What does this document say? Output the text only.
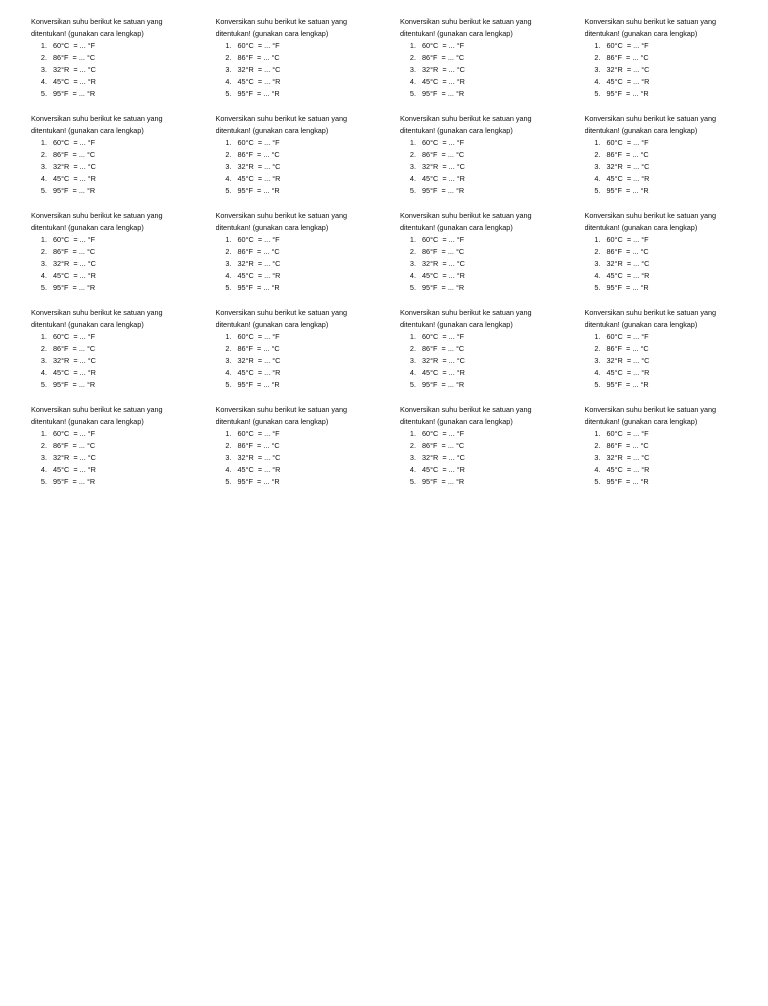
Konversikan suhu berikut ke satuan yang
ditentukan! (gunakan cara lengkap)

1. 60°C  = ... °F
2. 86°F  = ... °C
3. 32°R  = ... °C
4. 45°C  = ... °R
5. 95°F  = ... °R

Konversikan suhu berikut ke satuan yang
ditentukan! (gunakan cara lengkap)

1. 60°C  = ... °F
2. 86°F  = ... °C
3. 32°R  = ... °C
4. 45°C  = ... °R
5. 95°F  = ... °R

Konversikan suhu berikut ke satuan yang
ditentukan! (gunakan cara lengkap)

1. 60°C  = ... °F
2. 86°F  = ... °C
3. 32°R  = ... °C
4. 45°C  = ... °R
5. 95°F  = ... °R

Konversikan suhu berikut ke satuan yang
ditentukan! (gunakan cara lengkap)

1. 60°C  = ... °F
2. 86°F  = ... °C
3. 32°R  = ... °C
4. 45°C  = ... °R
5. 95°F  = ... °R

Konversikan suhu berikut ke satuan yang
ditentukan! (gunakan cara lengkap)

1. 60°C  = ... °F
2. 86°F  = ... °C
3. 32°R  = ... °C
4. 45°C  = ... °R
5. 95°F  = ... °R

Konversikan suhu berikut ke satuan yang
ditentukan! (gunakan cara lengkap)

1. 60°C  = ... °F
2. 86°F  = ... °C
3. 32°R  = ... °C
4. 45°C  = ... °R
5. 95°F  = ... °R

Konversikan suhu berikut ke satuan yang
ditentukan! (gunakan cara lengkap)

1. 60°C  = ... °F
2. 86°F  = ... °C
3. 32°R  = ... °C
4. 45°C  = ... °R
5. 95°F  = ... °R

Konversikan suhu berikut ke satuan yang
ditentukan! (gunakan cara lengkap)

1. 60°C  = ... °F
2. 86°F  = ... °C
3. 32°R  = ... °C
4. 45°C  = ... °R
5. 95°F  = ... °R

Konversikan suhu berikut ke satuan yang
ditentukan! (gunakan cara lengkap)

1. 60°C  = ... °F
2. 86°F  = ... °C
3. 32°R  = ... °C
4. 45°C  = ... °R
5. 95°F  = ... °R

Konversikan suhu berikut ke satuan yang
ditentukan! (gunakan cara lengkap)

1. 60°C  = ... °F
2. 86°F  = ... °C
3. 32°R  = ... °C
4. 45°C  = ... °R
5. 95°F  = ... °R

Konversikan suhu berikut ke satuan yang
ditentukan! (gunakan cara lengkap)

1. 60°C  = ... °F
2. 86°F  = ... °C
3. 32°R  = ... °C
4. 45°C  = ... °R
5. 95°F  = ... °R

Konversikan suhu berikut ke satuan yang
ditentukan! (gunakan cara lengkap)

1. 60°C  = ... °F
2. 86°F  = ... °C
3. 32°R  = ... °C
4. 45°C  = ... °R
5. 95°F  = ... °R

Konversikan suhu berikut ke satuan yang
ditentukan! (gunakan cara lengkap)

1. 60°C  = ... °F
2. 86°F  = ... °C
3. 32°R  = ... °C
4. 45°C  = ... °R
5. 95°F  = ... °R

Konversikan suhu berikut ke satuan yang
ditentukan! (gunakan cara lengkap)

1. 60°C  = ... °F
2. 86°F  = ... °C
3. 32°R  = ... °C
4. 45°C  = ... °R
5. 95°F  = ... °R

Konversikan suhu berikut ke satuan yang
ditentukan! (gunakan cara lengkap)

1. 60°C  = ... °F
2. 86°F  = ... °C
3. 32°R  = ... °C
4. 45°C  = ... °R
5. 95°F  = ... °R

Konversikan suhu berikut ke satuan yang
ditentukan! (gunakan cara lengkap)

1. 60°C  = ... °F
2. 86°F  = ... °C
3. 32°R  = ... °C
4. 45°C  = ... °R
5. 95°F  = ... °R

Konversikan suhu berikut ke satuan yang
ditentukan! (gunakan cara lengkap)

1. 60°C  = ... °F
2. 86°F  = ... °C
3. 32°R  = ... °C
4. 45°C  = ... °R
5. 95°F  = ... °R

Konversikan suhu berikut ke satuan yang
ditentukan! (gunakan cara lengkap)

1. 60°C  = ... °F
2. 86°F  = ... °C
3. 32°R  = ... °C
4. 45°C  = ... °R
5. 95°F  = ... °R

Konversikan suhu berikut ke satuan yang
ditentukan! (gunakan cara lengkap)

1. 60°C  = ... °F
2. 86°F  = ... °C
3. 32°R  = ... °C
4. 45°C  = ... °R
5. 95°F  = ... °R

Konversikan suhu berikut ke satuan yang
ditentukan! (gunakan cara lengkap)

1. 60°C  = ... °F
2. 86°F  = ... °C
3. 32°R  = ... °C
4. 45°C  = ... °R
5. 95°F  = ... °R
